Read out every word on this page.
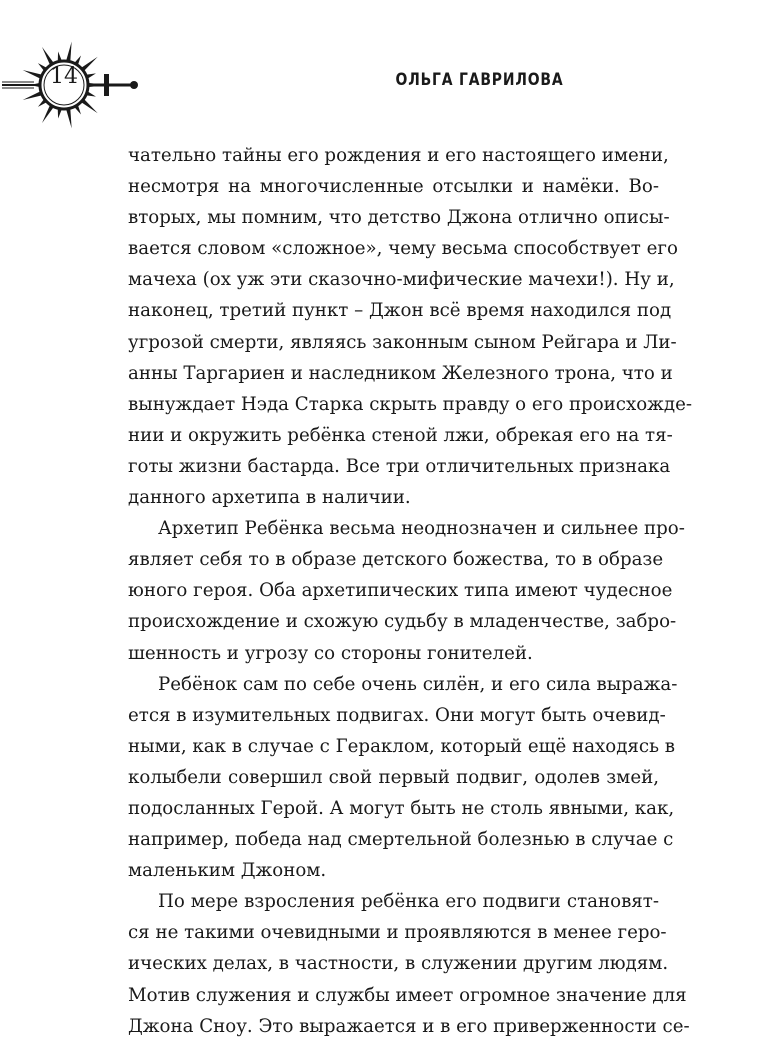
14	ОЛЬГА ГАВРИЛОВА
чательно тайны его рождения и его настоящего имени,
несмотря на многочисленные отсылки и намёки. Во-
вторых, мы помним, что детство Джона отлично описы-
вается словом «сложное», чему весьма способствует его
мачеха (ох уж эти сказочно-мифические мачехи!). Ну и,
наконец, третий пункт – Джон всё время находился под
угрозой смерти, являясь законным сыном Рейгара и Ли-
анны Таргариен и наследником Железного трона, что и
вынуждает Нэда Старка скрыть правду о его происхожде-
нии и окружить ребёнка стеной лжи, обрекая его на тя-
готы жизни бастарда. Все три отличительных признака
данного архетипа в наличии.
Архетип Ребёнка весьма неоднозначен и сильнее про-
являет себя то в образе детского божества, то в образе
юного героя. Оба архетипических типа имеют чудесное
происхождение и схожую судьбу в младенчестве, забро-
шенность и угрозу со стороны гонителей.
Ребёнок сам по себе очень силён, и его сила выража-
ется в изумительных подвигах. Они могут быть очевид-
ными, как в случае с Гераклом, который ещё находясь в
колыбели совершил свой первый подвиг, одолев змей,
подосланных Герой. А могут быть не столь явными, как,
например, победа над смертельной болезнью в случае с
маленьким Джоном.
По мере взросления ребёнка его подвиги становят-
ся не такими очевидными и проявляются в менее геро-
ических делах, в частности, в служении другим людям.
Мотив служения и службы имеет огромное значение для
Джона Сноу. Это выражается и в его приверженности се-
